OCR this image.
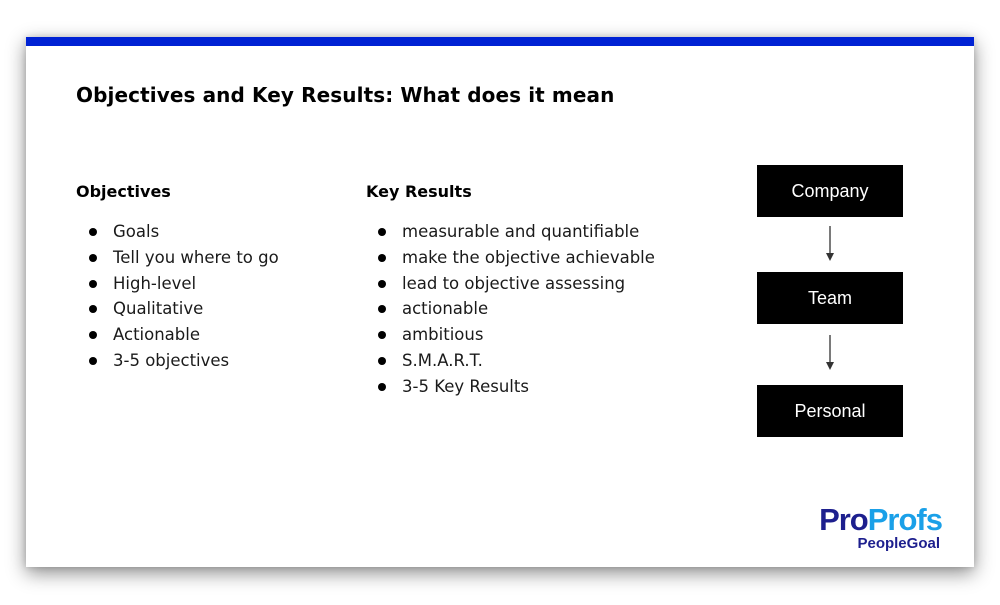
Objectives and Key Results: What does it mean
Objectives
Goals
Tell you where to go
High-level
Qualitative
Actionable
3-5 objectives
Key Results
measurable and quantifiable
make the objective achievable
lead to objective assessing
actionable
ambitious
S.M.A.R.T.
3-5 Key Results
Company
Team
Personal
ProProfs
PeopleGoal
